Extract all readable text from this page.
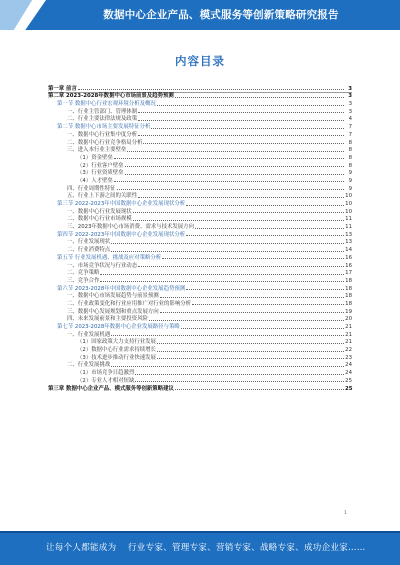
数据中心企业产品、模式服务等创新策略研究报告
内容目录
第一章 前言	3
第二章 2023-2028年数据中心市场前景及趋势预测	3
第一节 数据中心行业宏观环境分析及概况	3
一、行业主管部门、管理体制	3
二、行业主要法律法规及政策	4
第二节 数据中心市场主要发展特征分析	7
一、数据中心行业集中度分析	7
二、数据中心行业竞争格局分析	8
三、进入本行业主要壁垒	8
（1）资金壁垒	8
（2）行业客户壁垒	8
（3）行业资质壁垒	9
（4）人才壁垒	9
四、行业周期性特征	9
五、行业上下游之间的关联性	10
第三节 2022-2023年中国数据中心企业发展现状分析	10
一、数据中心行业发展现状	10
二、数据中心行业市场规模	11
三、2023年数据中心市场消费、需求与技术发展方向	11
第四节 2022-2023年中国数据中心企业发展现状分析	13
一、行业发展现状	13
二、行业消费特点	14
第五节 行业发展机遇、挑战及应对策略分析	16
一、市场竞争状况与行业动态	16
二、竞争策略	17
三、竞争合作	18
第六节 2023-2028年中国数据中心企业发展趋势预测	18
一、数据中心市场发展趋势与前景预测	18
二、行业政策变化和行业应用推广对行业的影响分析	18
三、数据中心发展规划和重点发展方向	19
四、未来发展前景和主要投资风险	20
第七节 2023-2028年数据中心企业发展路径与策略	21
一、行业发展机遇	21
（1）国家政策大力支持行业发展	21
（2）数据中心行业需求持续增长	22
（3）技术进步推动行业快速发展	23
二、行业发展挑战	24
（1）市场竞争日趋激烈	24
（2）专业人才相对短缺	25
第三章 数据中心企业产品、模式服务等创新策略建议	25
1
让每个人都能成为 行业专家、管理专家、营销专家、战略专家、成功企业家……
